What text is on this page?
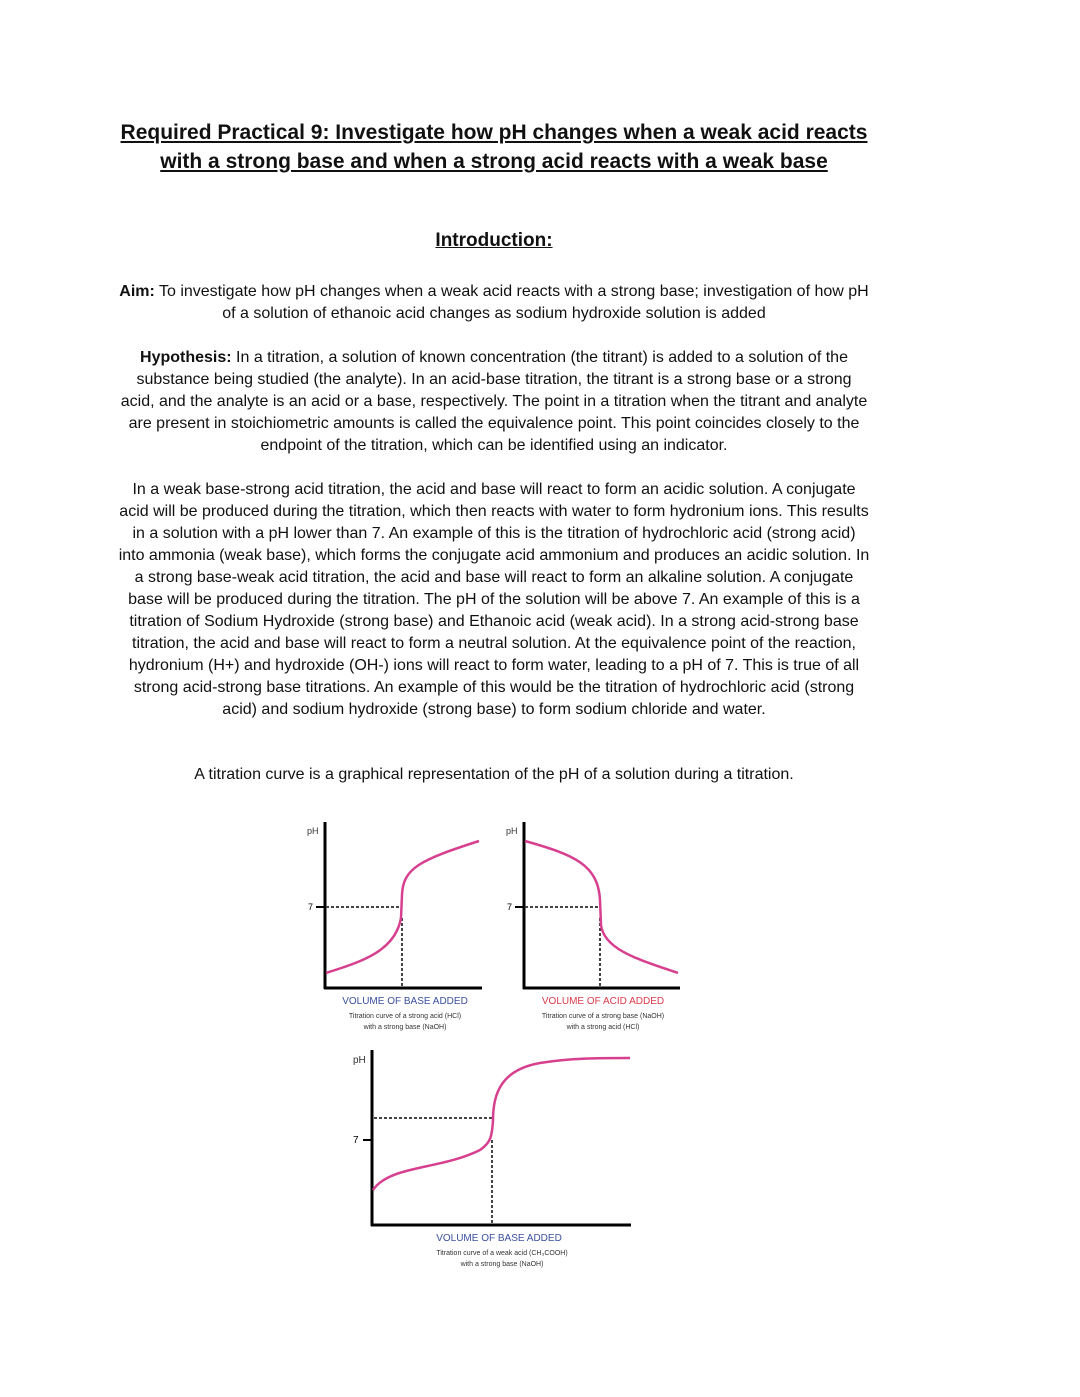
Required Practical 9: Investigate how pH changes when a weak acid reacts with a strong base and when a strong acid reacts with a weak base
Introduction:
Aim: To investigate how pH changes when a weak acid reacts with a strong base; investigation of how pH of a solution of ethanoic acid changes as sodium hydroxide solution is added
Hypothesis: In a titration, a solution of known concentration (the titrant) is added to a solution of the substance being studied (the analyte). In an acid-base titration, the titrant is a strong base or a strong acid, and the analyte is an acid or a base, respectively. The point in a titration when the titrant and analyte are present in stoichiometric amounts is called the equivalence point. This point coincides closely to the endpoint of the titration, which can be identified using an indicator.
In a weak base-strong acid titration, the acid and base will react to form an acidic solution. A conjugate acid will be produced during the titration, which then reacts with water to form hydronium ions. This results in a solution with a pH lower than 7. An example of this is the titration of hydrochloric acid (strong acid) into ammonia (weak base), which forms the conjugate acid ammonium and produces an acidic solution. In a strong base-weak acid titration, the acid and base will react to form an alkaline solution. A conjugate base will be produced during the titration. The pH of the solution will be above 7. An example of this is a titration of Sodium Hydroxide (strong base) and Ethanoic acid (weak acid). In a strong acid-strong base titration, the acid and base will react to form a neutral solution. At the equivalence point of the reaction, hydronium (H+) and hydroxide (OH-) ions will react to form water, leading to a pH of 7. This is true of all strong acid-strong base titrations. An example of this would be the titration of hydrochloric acid (strong acid) and sodium hydroxide (strong base) to form sodium chloride and water.
A titration curve is a graphical representation of the pH of a solution during a titration.
pH
7
VOLUME OF BASE ADDED
Titration curve of a strong acid (HCl)
with a strong base (NaOH)
pH
7
VOLUME OF ACID ADDED
Titration curve of a strong base (NaOH)
with a strong acid (HCl)
pH
7
VOLUME OF BASE ADDED
Titration curve of a weak acid (CH₃COOH)
with a strong base (NaOH)
